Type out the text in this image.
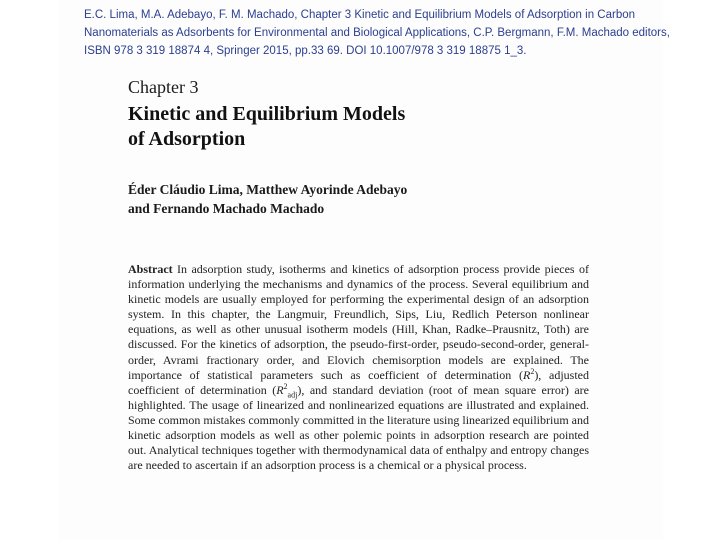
E.C. Lima, M.A. Adebayo, F. M. Machado, Chapter 3 Kinetic and Equilibrium Models of Adsorption in Carbon
Nanomaterials as Adsorbents for Environmental and Biological Applications, C.P. Bergmann, F.M. Machado editors,
ISBN 978 3 319 18874 4, Springer 2015, pp.33 69. DOI 10.1007/978 3 319 18875 1_3.
Chapter 3
Kinetic and Equilibrium Models
of Adsorption
Éder Cláudio Lima, Matthew Ayorinde Adebayo
and Fernando Machado Machado
Abstract In adsorption study, isotherms and kinetics of adsorption process provide pieces of information underlying the mechanisms and dynamics of the process. Several equilibrium and kinetic models are usually employed for performing the experimental design of an adsorption system. In this chapter, the Langmuir, Freundlich, Sips, Liu, Redlich Peterson nonlinear equations, as well as other unusual isotherm models (Hill, Khan, Radke–Prausnitz, Toth) are discussed. For the kinetics of adsorption, the pseudo-first-order, pseudo-second-order, general-order, Avrami fractionary order, and Elovich chemisorption models are explained. The importance of statistical parameters such as coefficient of determination $(R^2)$, adjusted coefficient of determination $(R^2_{adj})$, and standard deviation (root of mean square error) are highlighted. The usage of linearized and nonlinearized equations are illustrated and explained. Some common mistakes commonly committed in the literature using linearized equilibrium and kinetic adsorption models as well as other polemic points in adsorption research are pointed out. Analytical techniques together with thermodynamical data of enthalpy and entropy changes are needed to ascertain if an adsorption process is a chemical or a physical process.
